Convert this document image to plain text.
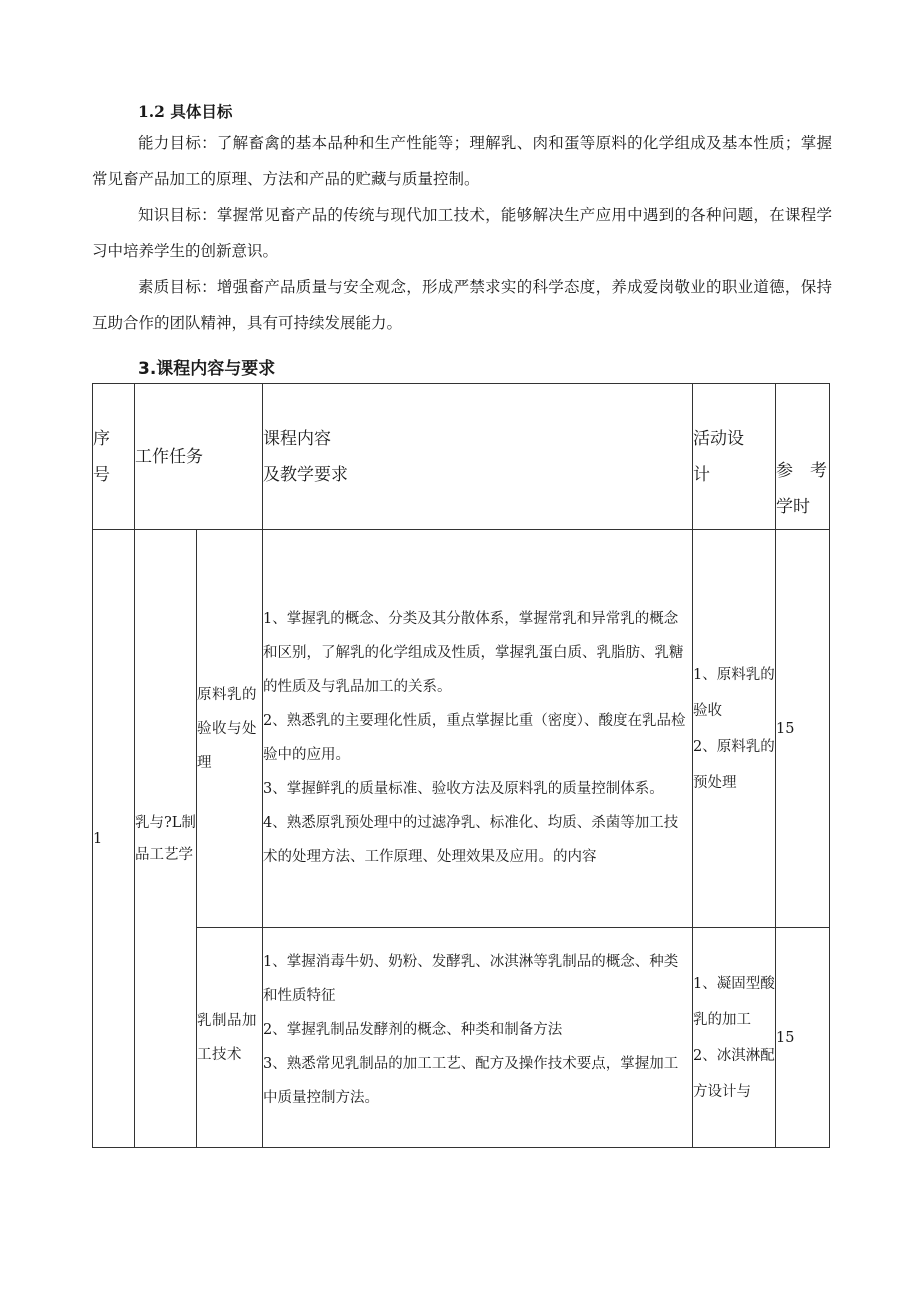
1.2 具体目标

能力目标：了解畜禽的基本品种和生产性能等；理解乳、肉和蛋等原料的化学组成及基本性质；掌握常见畜产品加工的原理、方法和产品的贮藏与质量控制。

知识目标：掌握常见畜产品的传统与现代加工技术，能够解决生产应用中遇到的各种问题，在课程学习中培养学生的创新意识。

素质目标：增强畜产品质量与安全观念，形成严禁求实的科学态度，养成爱岗敬业的职业道德，保持互助合作的团队精神，具有可持续发展能力。

3.课程内容与要求
序
号	工作任务		课程内容
及教学要求	活动设
计	参　考
学时

1	乳与?L制品工艺学	原料乳的验收与处理	1、掌握乳的概念、分类及其分散体系，掌握常乳和异常乳的概念和区别，了解乳的化学组成及性质，掌握乳蛋白质、乳脂肪、乳糖的性质及与乳品加工的关系。
2、熟悉乳的主要理化性质，重点掌握比重（密度）、酸度在乳品检验中的应用。
3、掌握鲜乳的质量标准、验收方法及原料乳的质量控制体系。
4、熟悉原乳预处理中的过滤净乳、标准化、均质、杀菌等加工技术的处理方法、工作原理、处理效果及应用。的内容	1、原料乳的验收
2、原料乳的预处理	15
		乳制品加工技术	1、掌握消毒牛奶、奶粉、发酵乳、冰淇淋等乳制品的概念、种类和性质特征
2、掌握乳制品发酵剂的概念、种类和制备方法
3、熟悉常见乳制品的加工工艺、配方及操作技术要点，掌握加工中质量控制方法。	1、凝固型酸乳的加工
2、冰淇淋配方设计与	15
